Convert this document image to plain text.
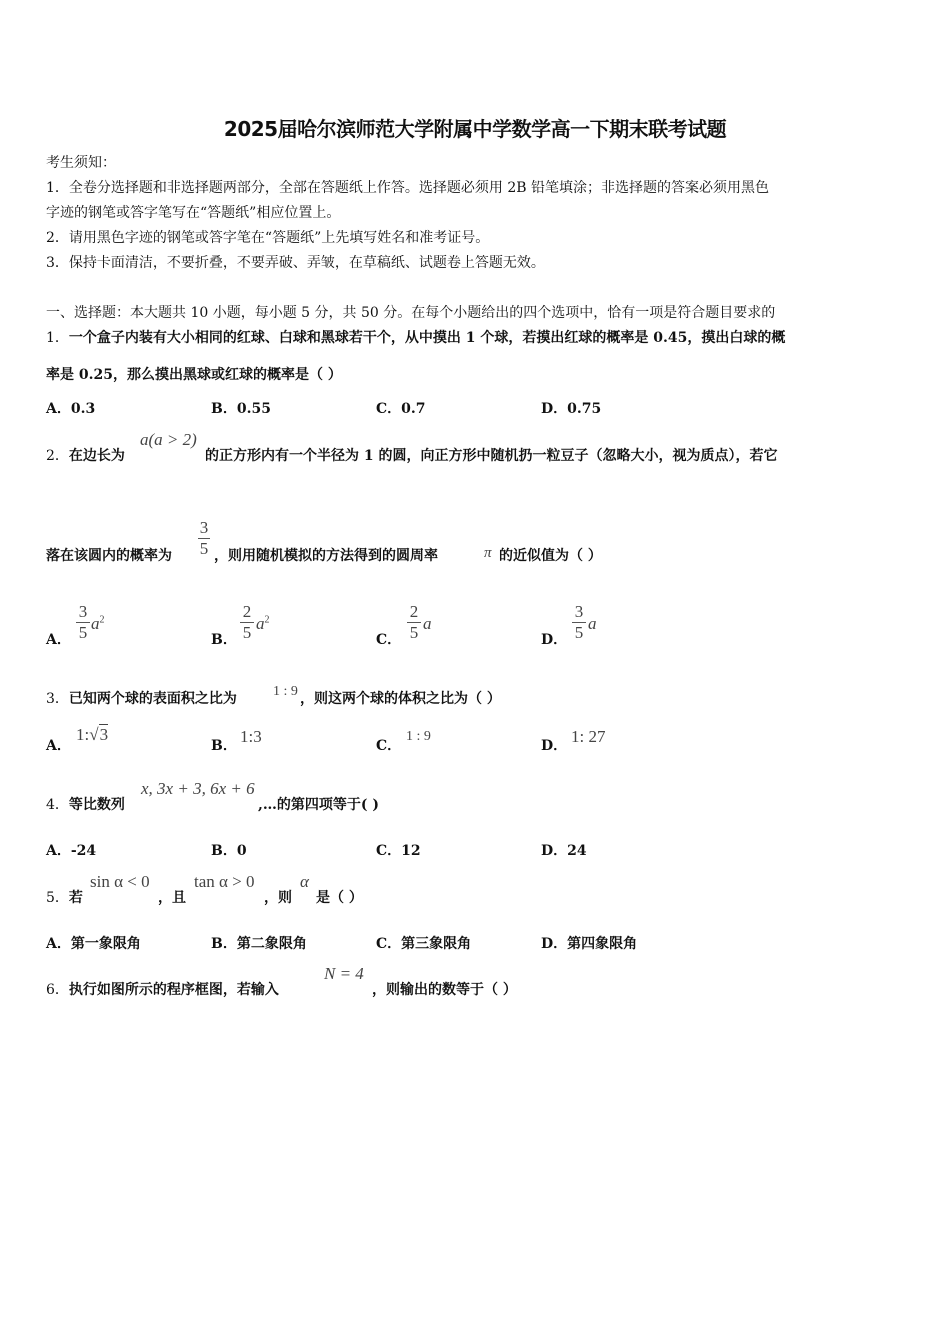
2025届哈尔滨师范大学附属中学数学高一下期末联考试题
考生须知：
1．全卷分选择题和非选择题两部分，全部在答题纸上作答。选择题必须用 2B 铅笔填涂；非选择题的答案必须用黑色
字迹的钢笔或答字笔写在“答题纸”相应位置上。
2．请用黑色字迹的钢笔或答字笔在“答题纸”上先填写姓名和准考证号。
3．保持卡面清洁，不要折叠，不要弄破、弄皱，在草稿纸、试题卷上答题无效。
一、选择题：本大题共 10 小题，每小题 5 分，共 50 分。在每个小题给出的四个选项中，恰有一项是符合题目要求的
1．一个盒子内装有大小相同的红球、白球和黑球若干个，从中摸出 1 个球，若摸出红球的概率是 0.45，摸出白球的概
率是 0.25，那么摸出黑球或红球的概率是（ ）
A．0.3	B．0.55	C．0.7	D．0.75
2．在边长为
a(a > 2)
的正方形内有一个半径为 1 的圆，向正方形中随机扔一粒豆子（忽略大小，视为质点），若它
落在该圆内的概率为
3
5 ，则用随机模拟的方法得到的圆周率	π 的近似值为（ ）
A．
3
5 $a^2$
B．
2
5 $a^2$
C．
2
5 a
D．
3
5 a
3．已知两个球的表面积之比为	1 : 9 ，则这两个球的体积之比为（ ）
A．
1:√3
B． 1:3	C．
1 : 9
D． 1: 27
4．等比数列
x, 3x + 3, 6x + 6
,…的第四项等于( )
A．-24	B．0	C．12	D．24
5．若
sin α < 0
，且
tan α > 0
，则
α
是（ ）
A．第一象限角	B．第二象限角	C．第三象限角	D．第四象限角
6．执行如图所示的程序框图，若输入
N = 4
，则输出的数等于（ ）
